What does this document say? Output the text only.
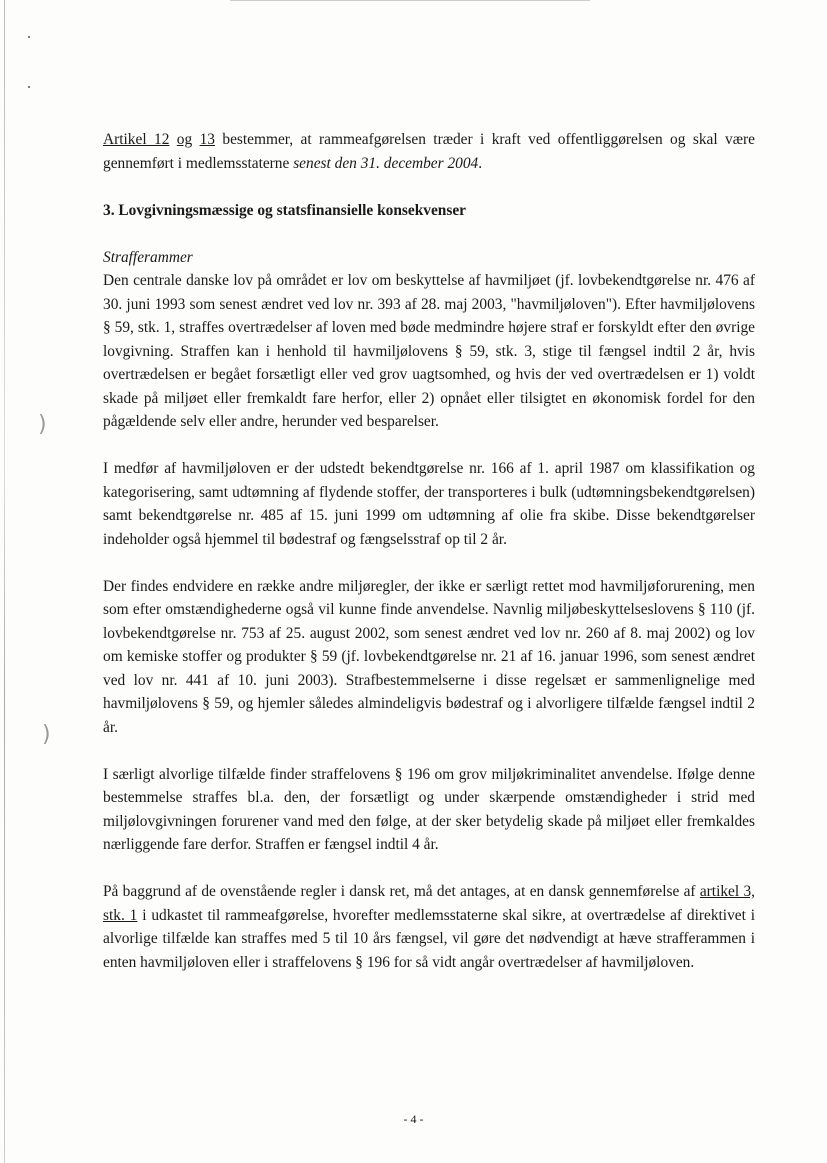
)
)

Artikel 12 og 13 bestemmer, at rammeafgørelsen træder i kraft ved offentliggørelsen og skal være gennemført i medlemsstaterne senest den 31. december 2004.

3. Lovgivningsmæssige og statsfinansielle konsekvenser

Strafferammer
Den centrale danske lov på området er lov om beskyttelse af havmiljøet (jf. lovbekendtgørelse nr. 476 af 30. juni 1993 som senest ændret ved lov nr. 393 af 28. maj 2003, "havmiljøloven"). Efter havmiljølovens § 59, stk. 1, straffes overtrædelser af loven med bøde medmindre højere straf er forskyldt efter den øvrige lovgivning. Straffen kan i henhold til havmiljølovens § 59, stk. 3, stige til fængsel indtil 2 år, hvis overtrædelsen er begået forsætligt eller ved grov uagtsomhed, og hvis der ved overtrædelsen er 1) voldt skade på miljøet eller fremkaldt fare herfor, eller 2) opnået eller tilsigtet en økonomisk fordel for den pågældende selv eller andre, herunder ved besparelser.

I medfør af havmiljøloven er der udstedt bekendtgørelse nr. 166 af 1. april 1987 om klassifikation og kategorisering, samt udtømning af flydende stoffer, der transporteres i bulk (udtømningsbekendtgørelsen) samt bekendtgørelse nr. 485 af 15. juni 1999 om udtømning af olie fra skibe. Disse bekendtgørelser indeholder også hjemmel til bødestraf og fængselsstraf op til 2 år.

Der findes endvidere en række andre miljøregler, der ikke er særligt rettet mod havmiljøforurening, men som efter omstændighederne også vil kunne finde anvendelse. Navnlig miljøbeskyttelseslovens § 110 (jf. lovbekendtgørelse nr. 753 af 25. august 2002, som senest ændret ved lov nr. 260 af 8. maj 2002) og lov om kemiske stoffer og produkter § 59 (jf. lovbekendtgørelse nr. 21 af 16. januar 1996, som senest ændret ved lov nr. 441 af 10. juni 2003). Strafbestemmelserne i disse regelsæt er sammenlignelige med havmiljølovens § 59, og hjemler således almindeligvis bødestraf og i alvorligere tilfælde fængsel indtil 2 år.

I særligt alvorlige tilfælde finder straffelovens § 196 om grov miljøkriminalitet anvendelse. Ifølge denne bestemmelse straffes bl.a. den, der forsætligt og under skærpende omstændigheder i strid med miljølovgivningen forurener vand med den følge, at der sker betydelig skade på miljøet eller fremkaldes nærliggende fare derfor. Straffen er fængsel indtil 4 år.

På baggrund af de ovenstående regler i dansk ret, må det antages, at en dansk gennemførelse af artikel 3, stk. 1 i udkastet til rammeafgørelse, hvorefter medlemsstaterne skal sikre, at overtrædelse af direktivet i alvorlige tilfælde kan straffes med 5 til 10 års fængsel, vil gøre det nødvendigt at hæve strafferammen i enten havmiljøloven eller i straffelovens § 196 for så vidt angår overtrædelser af havmiljøloven.

- 4 -
